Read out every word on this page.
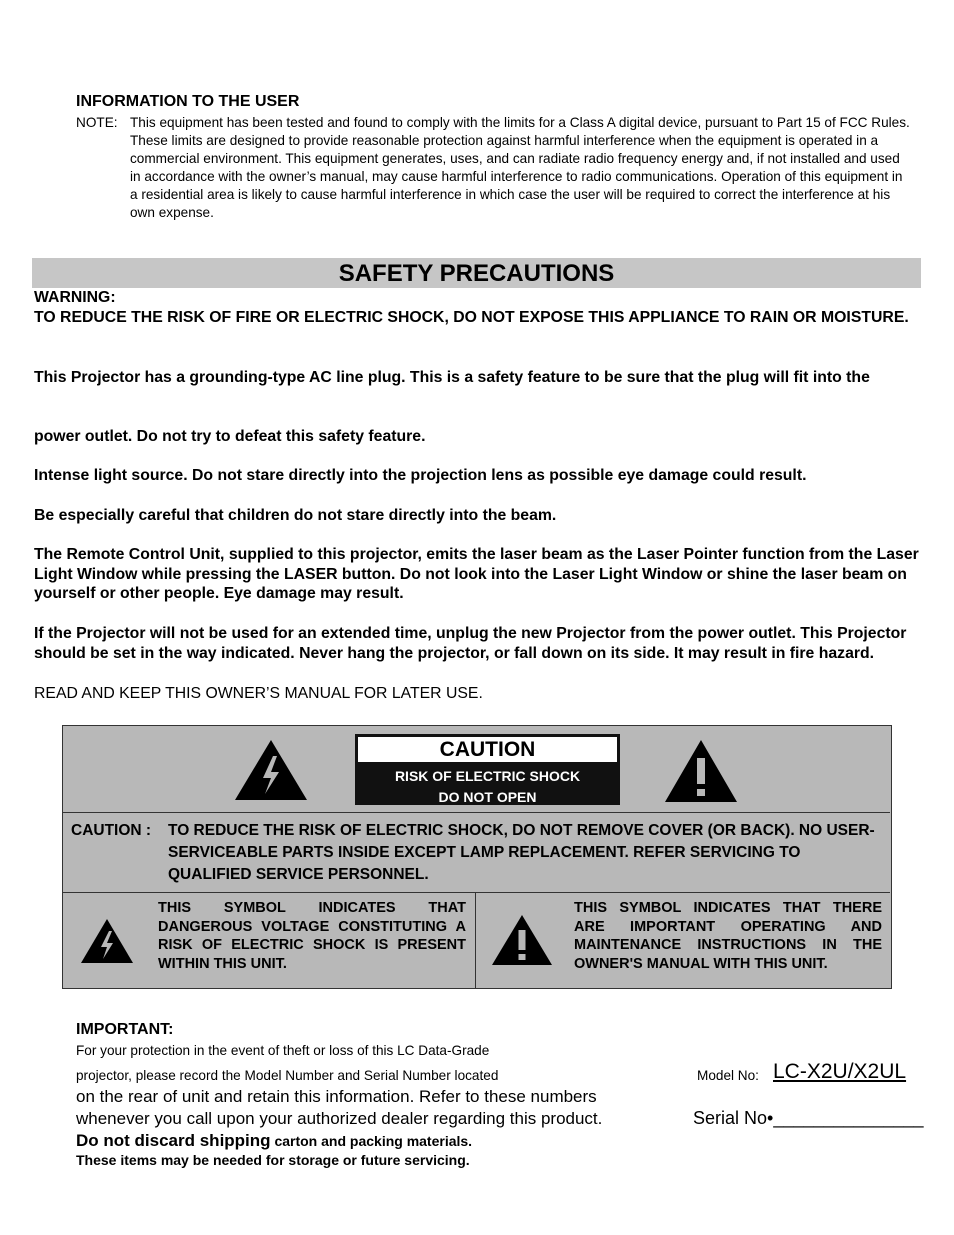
INFORMATION TO THE USER
NOTE: This equipment has been tested and found to comply with the limits for a Class A digital device, pursuant to Part 15 of FCC Rules. These limits are designed to provide reasonable protection against harmful interference when the equipment is operated in a commercial environment. This equipment generates, uses, and can radiate radio frequency energy and, if not installed and used in accordance with the owner’s manual, may cause harmful interference to radio communications. Operation of this equipment in a residential area is likely to cause harmful interference in which case the user will be required to correct the interference at his own expense.
SAFETY PRECAUTIONS
WARNING:
TO REDUCE THE RISK OF FIRE OR ELECTRIC SHOCK, DO NOT EXPOSE THIS APPLIANCE TO RAIN OR MOISTURE.
This Projector has a grounding-type AC line plug. This is a safety feature to be sure that the plug will fit into the
power outlet. Do not try to defeat this safety feature.
Intense light source. Do not stare directly into the projection lens as possible eye damage could result.
Be especially careful that children do not stare directly into the beam.
The Remote Control Unit, supplied to this projector, emits the laser beam as the Laser Pointer function from the Laser Light Window while pressing the LASER button. Do not look into the Laser Light Window or shine the laser beam on yourself or other people. Eye damage may result.
If the Projector will not be used for an extended time, unplug the new Projector from the power outlet. This Projector should be set in the way indicated. Never hang the projector, or fall down on its side. It may result in fire hazard.
READ AND KEEP THIS OWNER’S MANUAL FOR LATER USE.
CAUTION
RISK OF ELECTRIC SHOCK
DO NOT OPEN
CAUTION : TO REDUCE THE RISK OF ELECTRIC SHOCK, DO NOT REMOVE COVER (OR BACK). NO USER-SERVICEABLE PARTS INSIDE EXCEPT LAMP REPLACEMENT. REFER SERVICING TO QUALIFIED SERVICE PERSONNEL.
THIS SYMBOL INDICATES THAT DANGEROUS VOLTAGE CONSTITUTING A RISK OF ELECTRIC SHOCK IS PRESENT WITHIN THIS UNIT.
THIS SYMBOL INDICATES THAT THERE ARE IMPORTANT OPERATING AND MAINTENANCE INSTRUCTIONS IN THE OWNER'S MANUAL WITH THIS UNIT.
IMPORTANT:
For your protection in the event of theft or loss of this LC Data-Grade
projector, please record the Model Number and Serial Number located
on the rear of unit and retain this information. Refer to these numbers
whenever you call upon your authorized dealer regarding this product.
Do not discard shipping carton and packing materials.
These items may be needed for storage or future servicing.
Model No: LC-X2U/X2UL
Serial No•_______________
